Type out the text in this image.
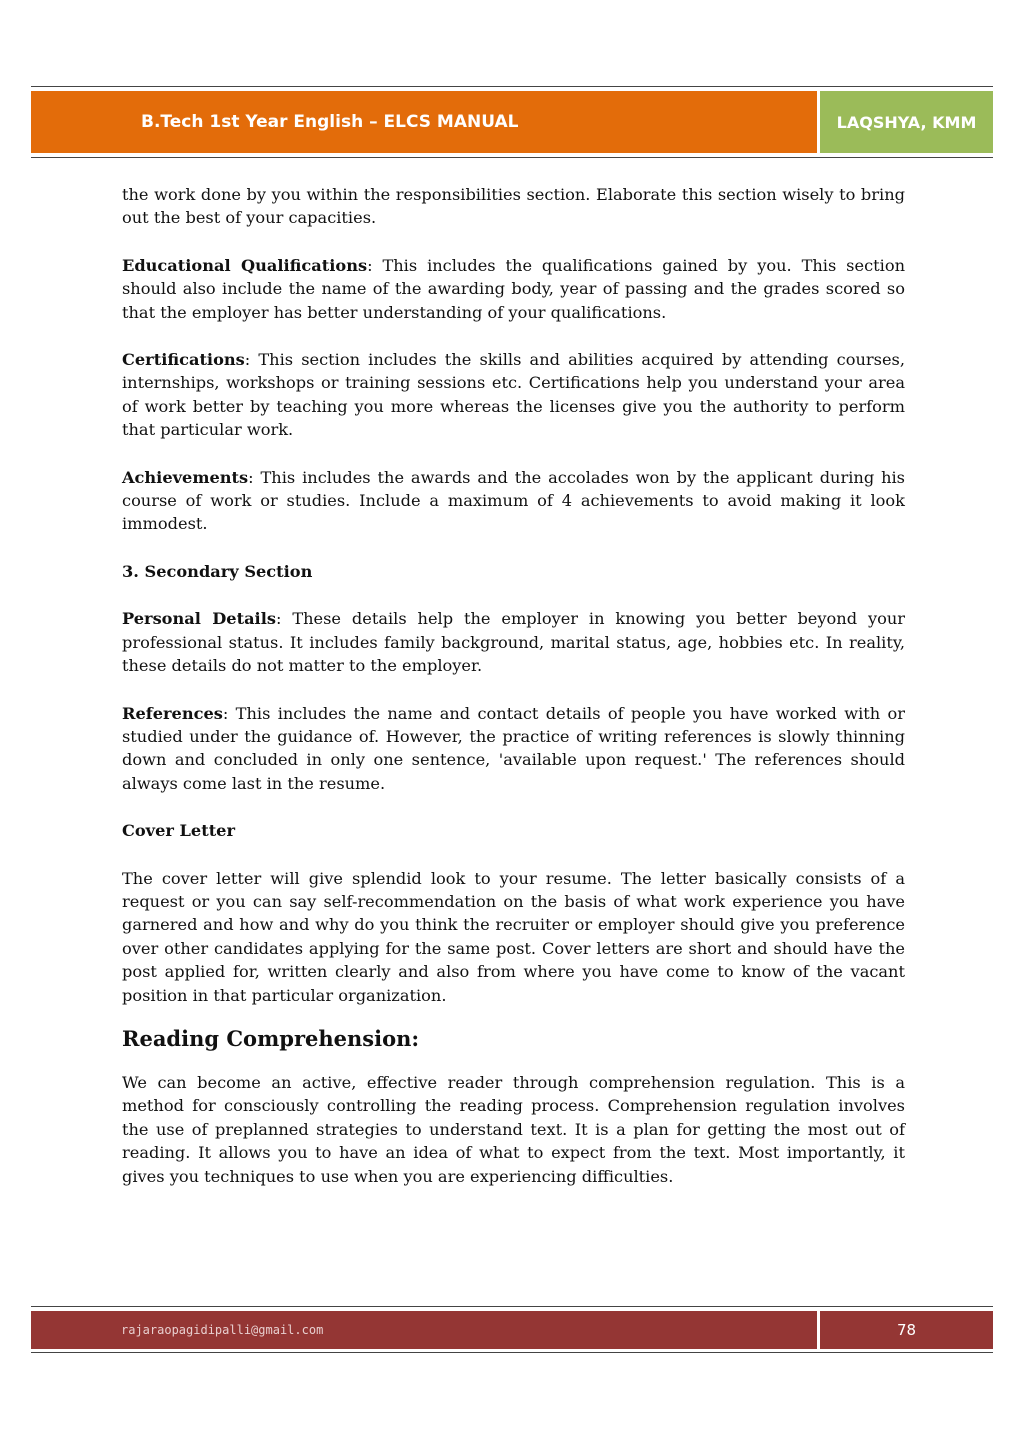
B.Tech 1st Year English – ELCS MANUAL	LAQSHYA, KMM

the work done by you within the responsibilities section. Elaborate this section wisely to bring out the best of your capacities.

Educational Qualifications: This includes the qualifications gained by you. This section should also include the name of the awarding body, year of passing and the grades scored so that the employer has better understanding of your qualifications.

Certifications: This section includes the skills and abilities acquired by attending courses, internships, workshops or training sessions etc. Certifications help you understand your area of work better by teaching you more whereas the licenses give you the authority to perform that particular work.

Achievements: This includes the awards and the accolades won by the applicant during his course of work or studies. Include a maximum of 4 achievements to avoid making it look immodest.

3. Secondary Section

Personal Details: These details help the employer in knowing you better beyond your professional status. It includes family background, marital status, age, hobbies etc. In reality, these details do not matter to the employer.

References: This includes the name and contact details of people you have worked with or studied under the guidance of. However, the practice of writing references is slowly thinning down and concluded in only one sentence, 'available upon request.' The references should always come last in the resume.

Cover Letter

The cover letter will give splendid look to your resume. The letter basically consists of a request or you can say self-recommendation on the basis of what work experience you have garnered and how and why do you think the recruiter or employer should give you preference over other candidates applying for the same post. Cover letters are short and should have the post applied for, written clearly and also from where you have come to know of the vacant position in that particular organization.

Reading Comprehension:

We can become an active, effective reader through comprehension regulation. This is a method for consciously controlling the reading process. Comprehension regulation involves the use of preplanned strategies to understand text. It is a plan for getting the most out of reading. It allows you to have an idea of what to expect from the text. Most importantly, it gives you techniques to use when you are experiencing difficulties.

rajaraopagidipalli@gmail.com	78
